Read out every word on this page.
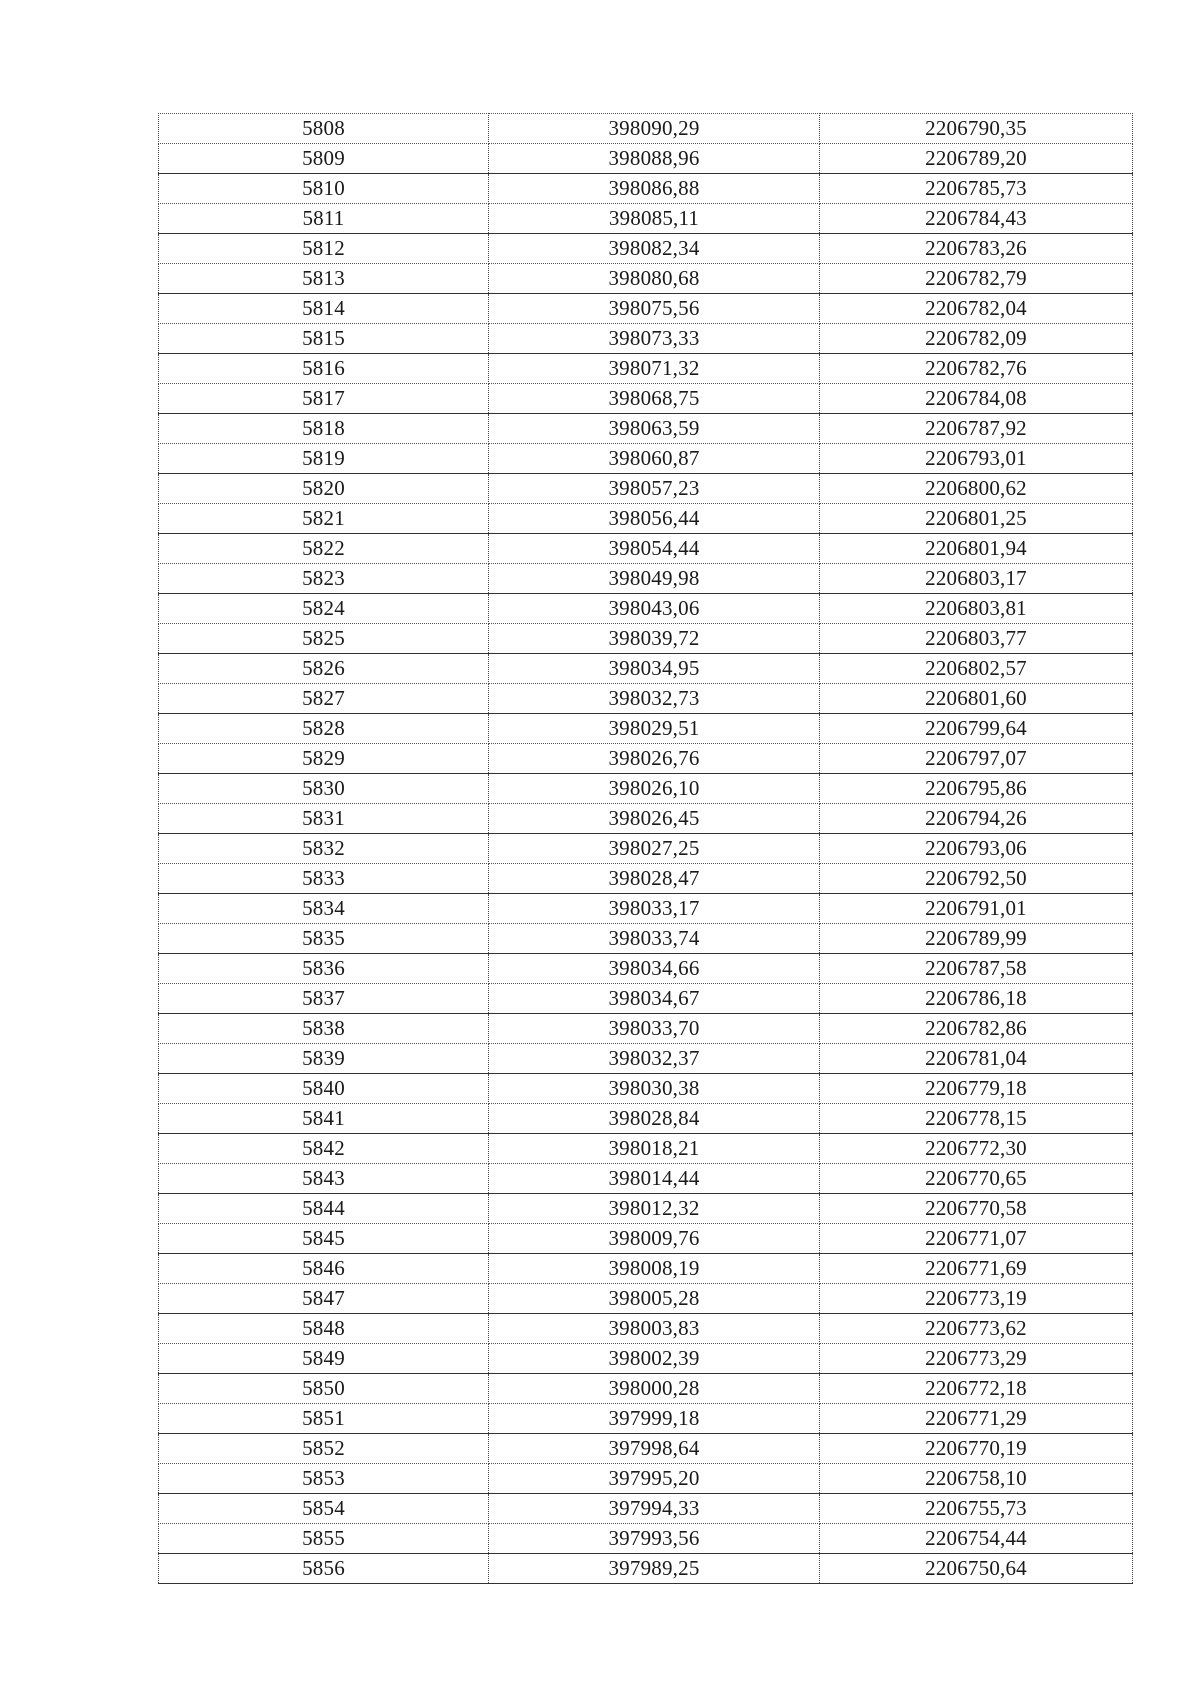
5808	398090,29	2206790,35
5809	398088,96	2206789,20
5810	398086,88	2206785,73
5811	398085,11	2206784,43
5812	398082,34	2206783,26
5813	398080,68	2206782,79
5814	398075,56	2206782,04
5815	398073,33	2206782,09
5816	398071,32	2206782,76
5817	398068,75	2206784,08
5818	398063,59	2206787,92
5819	398060,87	2206793,01
5820	398057,23	2206800,62
5821	398056,44	2206801,25
5822	398054,44	2206801,94
5823	398049,98	2206803,17
5824	398043,06	2206803,81
5825	398039,72	2206803,77
5826	398034,95	2206802,57
5827	398032,73	2206801,60
5828	398029,51	2206799,64
5829	398026,76	2206797,07
5830	398026,10	2206795,86
5831	398026,45	2206794,26
5832	398027,25	2206793,06
5833	398028,47	2206792,50
5834	398033,17	2206791,01
5835	398033,74	2206789,99
5836	398034,66	2206787,58
5837	398034,67	2206786,18
5838	398033,70	2206782,86
5839	398032,37	2206781,04
5840	398030,38	2206779,18
5841	398028,84	2206778,15
5842	398018,21	2206772,30
5843	398014,44	2206770,65
5844	398012,32	2206770,58
5845	398009,76	2206771,07
5846	398008,19	2206771,69
5847	398005,28	2206773,19
5848	398003,83	2206773,62
5849	398002,39	2206773,29
5850	398000,28	2206772,18
5851	397999,18	2206771,29
5852	397998,64	2206770,19
5853	397995,20	2206758,10
5854	397994,33	2206755,73
5855	397993,56	2206754,44
5856	397989,25	2206750,64
